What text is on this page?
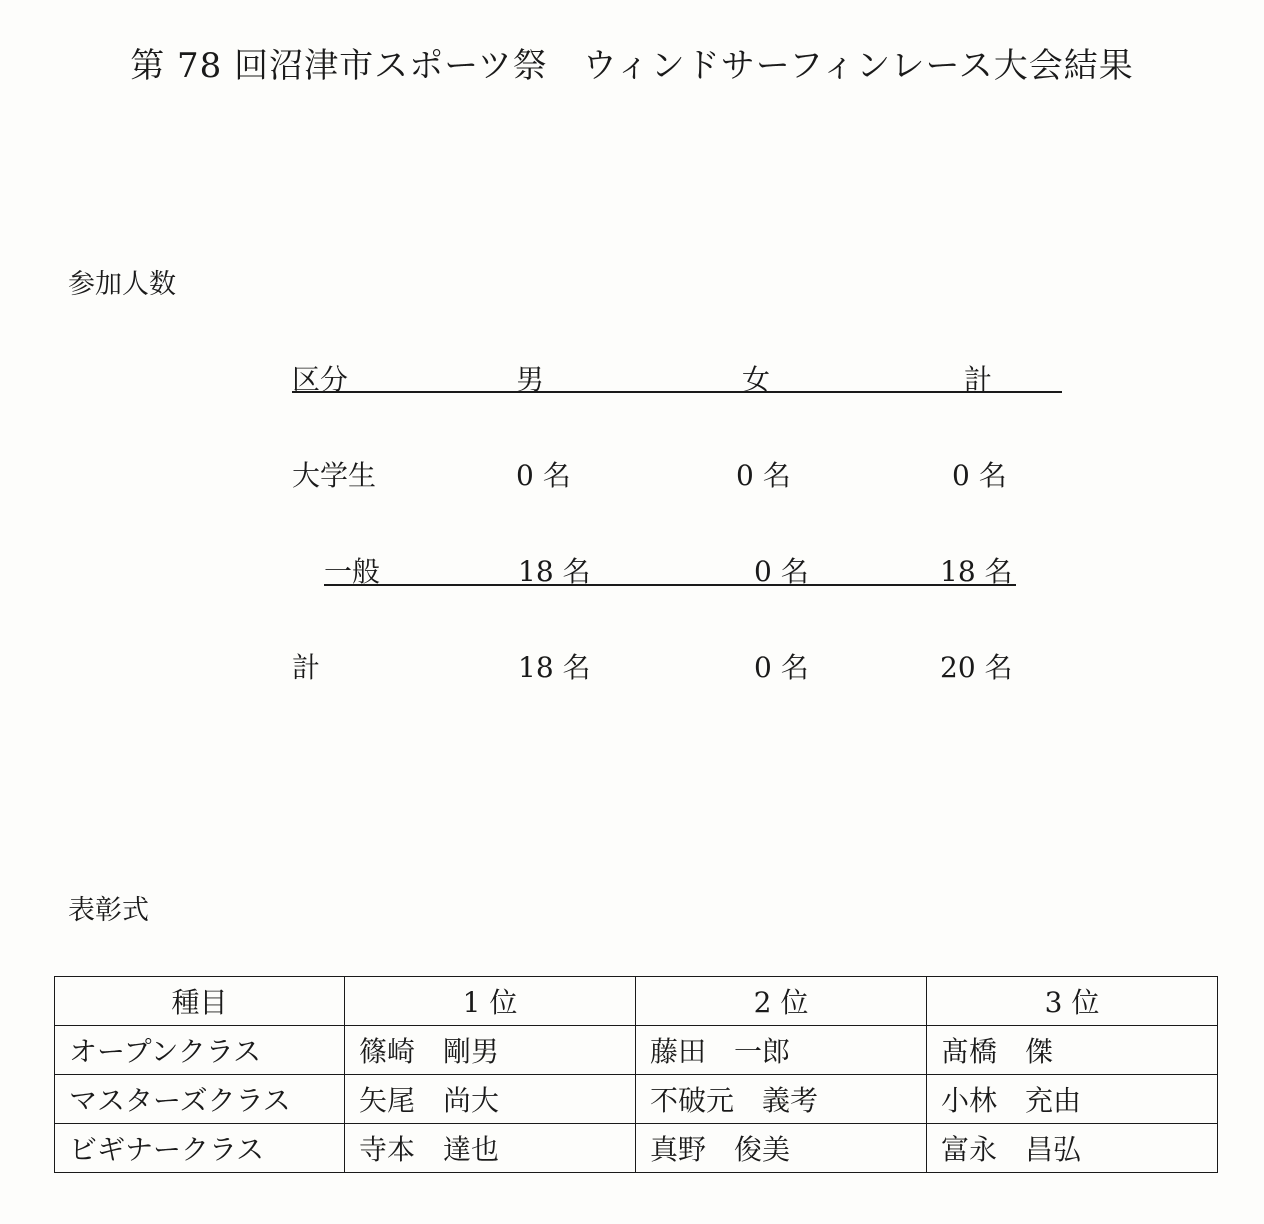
第 78 回沼津市スポーツ祭　ウィンドサーフィンレース大会結果
参加人数
区分	男	女	計
大学生	0 名	0 名	0 名
一般	18 名	0 名	18 名
計	18 名	0 名	20 名
表彰式
種目	1 位	2 位	3 位
オープンクラス	篠崎 剛男	藤田 一郎	髙橋 傑
マスターズクラス	矢尾 尚大	不破元 義考	小林 充由
ビギナークラス	寺本 達也	真野 俊美	富永 昌弘
